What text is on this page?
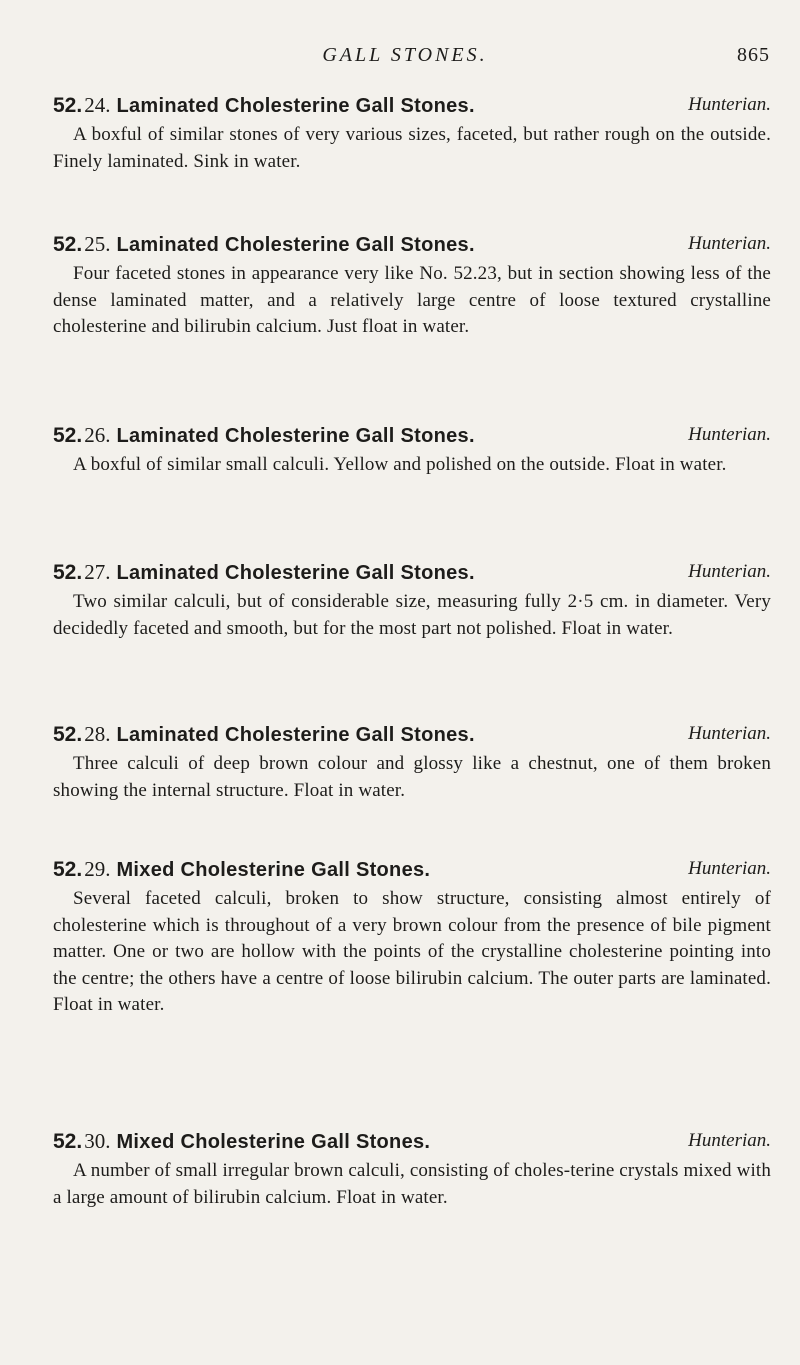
GALL STONES.	865
52.24. Laminated Cholesterine Gall Stones.	Hunterian.

A boxful of similar stones of very various sizes, faceted, but rather rough on the outside. Finely laminated. Sink in water.

52.25. Laminated Cholesterine Gall Stones.	Hunterian.

Four faceted stones in appearance very like No. 52.23, but in section showing less of the dense laminated matter, and a relatively large centre of loose textured crystalline cholesterine and bilirubin calcium. Just float in water.

52.26. Laminated Cholesterine Gall Stones.	Hunterian.

A boxful of similar small calculi. Yellow and polished on the outside. Float in water.

52.27. Laminated Cholesterine Gall Stones.	Hunterian.

Two similar calculi, but of considerable size, measuring fully 2·5 cm. in diameter. Very decidedly faceted and smooth, but for the most part not polished. Float in water.

52.28. Laminated Cholesterine Gall Stones.	Hunterian.

Three calculi of deep brown colour and glossy like a chestnut, one of them broken showing the internal structure. Float in water.

52.29. Mixed Cholesterine Gall Stones.	Hunterian.

Several faceted calculi, broken to show structure, consisting almost entirely of cholesterine which is throughout of a very brown colour from the presence of bile pigment matter. One or two are hollow with the points of the crystalline cholesterine pointing into the centre; the others have a centre of loose bilirubin calcium. The outer parts are laminated. Float in water.

52.30. Mixed Cholesterine Gall Stones.	Hunterian.

A number of small irregular brown calculi, consisting of choles-terine crystals mixed with a large amount of bilirubin calcium. Float in water.
